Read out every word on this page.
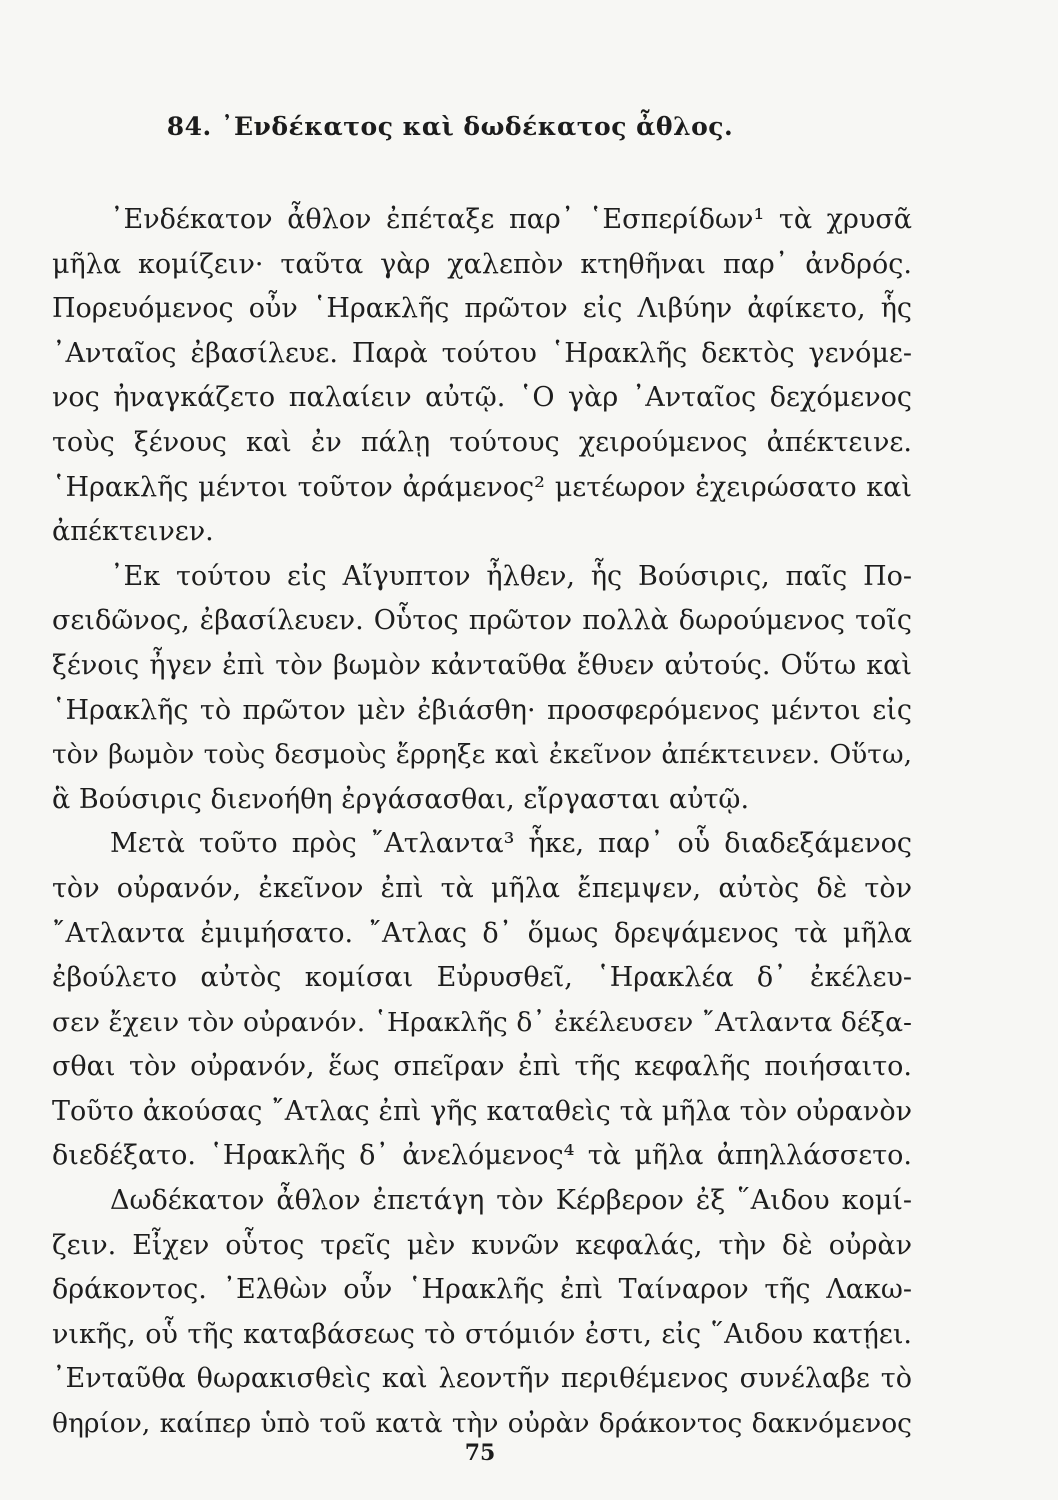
84. ᾿Ενδέκατος καὶ δωδέκατος ἆθλος.
᾿Ενδέκατον ἆθλον ἐπέταξε παρ᾿ ῾Εσπερίδων¹ τὰ χρυσᾶ
μῆλα κομίζειν· ταῦτα γὰρ χαλεπὸν κτηθῆναι παρ᾿ ἀνδρός.
Πορευόμενος οὖν ῾Ηρακλῆς πρῶτον εἰς Λιβύην ἀφίκετο, ἧς
᾿Ανταῖος ἐβασίλευε. Παρὰ τούτου ῾Ηρακλῆς δεκτὸς γενόμε-
νος ἠναγκάζετο παλαίειν αὐτῷ. ῾Ο γὰρ ᾿Ανταῖος δεχόμενος
τοὺς ξένους καὶ ἐν πάλῃ τούτους χειρούμενος ἀπέκτεινε.
῾Ηρακλῆς μέντοι τοῦτον ἀράμενος² μετέωρον ἐχειρώσατο καὶ
ἀπέκτεινεν.
᾿Εκ τούτου εἰς Αἴγυπτον ἦλθεν, ἧς Βούσιρις, παῖς Πο-
σειδῶνος, ἐβασίλευεν. Οὗτος πρῶτον πολλὰ δωρούμενος τοῖς
ξένοις ἦγεν ἐπὶ τὸν βωμὸν κἀνταῦθα ἔθυεν αὐτούς. Οὕτω καὶ
῾Ηρακλῆς τὸ πρῶτον μὲν ἐβιάσθη· προσφερόμενος μέντοι εἰς
τὸν βωμὸν τοὺς δεσμοὺς ἔρρηξε καὶ ἐκεῖνον ἀπέκτεινεν. Οὕτω,
ἃ Βούσιρις διενοήθη ἐργάσασθαι, εἴργασται αὐτῷ.
Μετὰ τοῦτο πρὸς ῎Ατλαντα³ ἧκε, παρ᾿ οὗ διαδεξάμενος
τὸν οὐρανόν, ἐκεῖνον ἐπὶ τὰ μῆλα ἔπεμψεν, αὐτὸς δὲ τὸν
῎Ατλαντα ἐμιμήσατο. ῎Ατλας δ᾿ ὅμως δρεψάμενος τὰ μῆλα
ἐβούλετο αὐτὸς κομίσαι Εὐρυσθεῖ, ῾Ηρακλέα δ᾿ ἐκέλευ-
σεν ἔχειν τὸν οὐρανόν. ῾Ηρακλῆς δ᾿ ἐκέλευσεν ῎Ατλαντα δέξα-
σθαι τὸν οὐρανόν, ἕως σπεῖραν ἐπὶ τῆς κεφαλῆς ποιήσαιτο.
Τοῦτο ἀκούσας ῎Ατλας ἐπὶ γῆς καταθεὶς τὰ μῆλα τὸν οὐρανὸν
διεδέξατο. ῾Ηρακλῆς δ᾿ ἀνελόμενος⁴ τὰ μῆλα ἀπηλλάσσετο.
Δωδέκατον ἆθλον ἐπετάγη τὸν Κέρβερον ἐξ ῞Αιδου κομί-
ζειν. Εἶχεν οὗτος τρεῖς μὲν κυνῶν κεφαλάς, τὴν δὲ οὐρὰν
δράκοντος. ᾿Ελθὼν οὖν ῾Ηρακλῆς ἐπὶ Ταίναρον τῆς Λακω-
νικῆς, οὗ τῆς καταβάσεως τὸ στόμιόν ἐστι, εἰς ῞Αιδου κατῄει.
᾿Ενταῦθα θωρακισθεὶς καὶ λεοντῆν περιθέμενος συνέλαβε τὸ
θηρίον, καίπερ ὑπὸ τοῦ κατὰ τὴν οὐρὰν δράκοντος δακνόμενος
75
